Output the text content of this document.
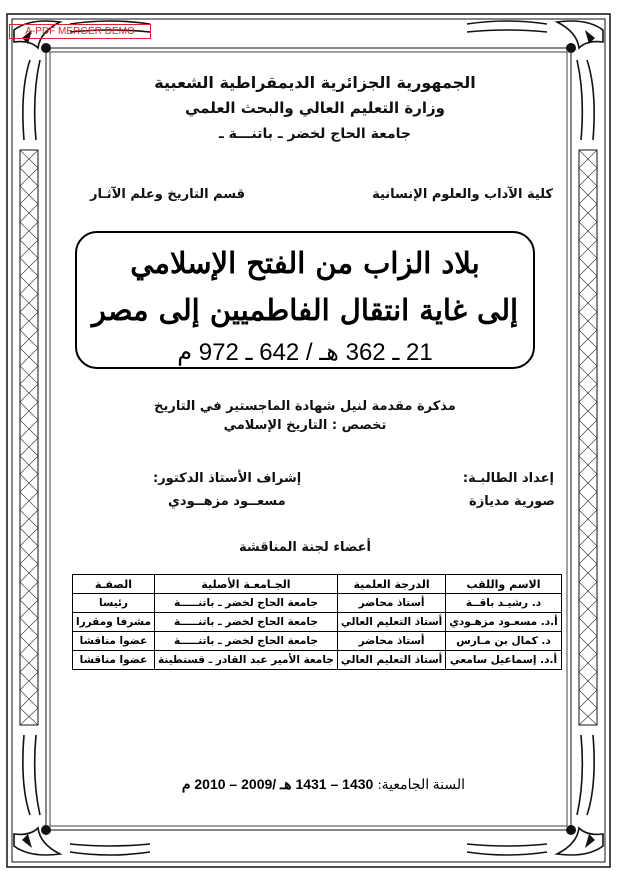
A-PDF MERGER DEMO
الجمهورية الجزائرية الديمقراطية الشعبية
وزارة التعليم العالي والبحث العلمي
جامعة الحاج لخضر ـ باتنـــة ـ
كلية الآداب والعلوم الإنسانية
قسم التاريخ وعلم الآثـار
بلاد الزاب من الفتح الإسلامي
إلى غاية انتقال الفاطميين إلى مصر
21 ـ 362 هـ / 642 ـ 972 م
مذكرة مقدمة لنيل شهادة الماجستير في التاريخ
تخصص : التاريخ الإسلامي
إعداد الطالبـة:
صورية مديازة
إشراف الأستاذ الدكتور:
مسعــود مزهــودي
أعضاء لجنة المناقشة
الاسم واللقب	الدرجة العلمية	الجـامعـة الأصلية	الصفـة
د. رشيـد باقــة	أستاذ محاضر	جامعة الحاج لخضر ـ باتنـــــة	رئيسا
أ.د. مسعـود مزهـودي	أستاذ التعليم العالي	جامعة الحاج لخضر ـ باتنـــــة	مشرفا ومقررا
د. كمال بن مـارس	أستاذ محاضر	جامعة الحاج لخضر ـ باتنـــــة	عضوا مناقشا
أ.د. إسماعيل سامعي	أستاذ التعليم العالي	جامعة الأمير عبد القادر ـ قسنطينة	عضوا مناقشا
السنة الجامعية: 1430 – 1431 هـ /2009 – 2010 م
